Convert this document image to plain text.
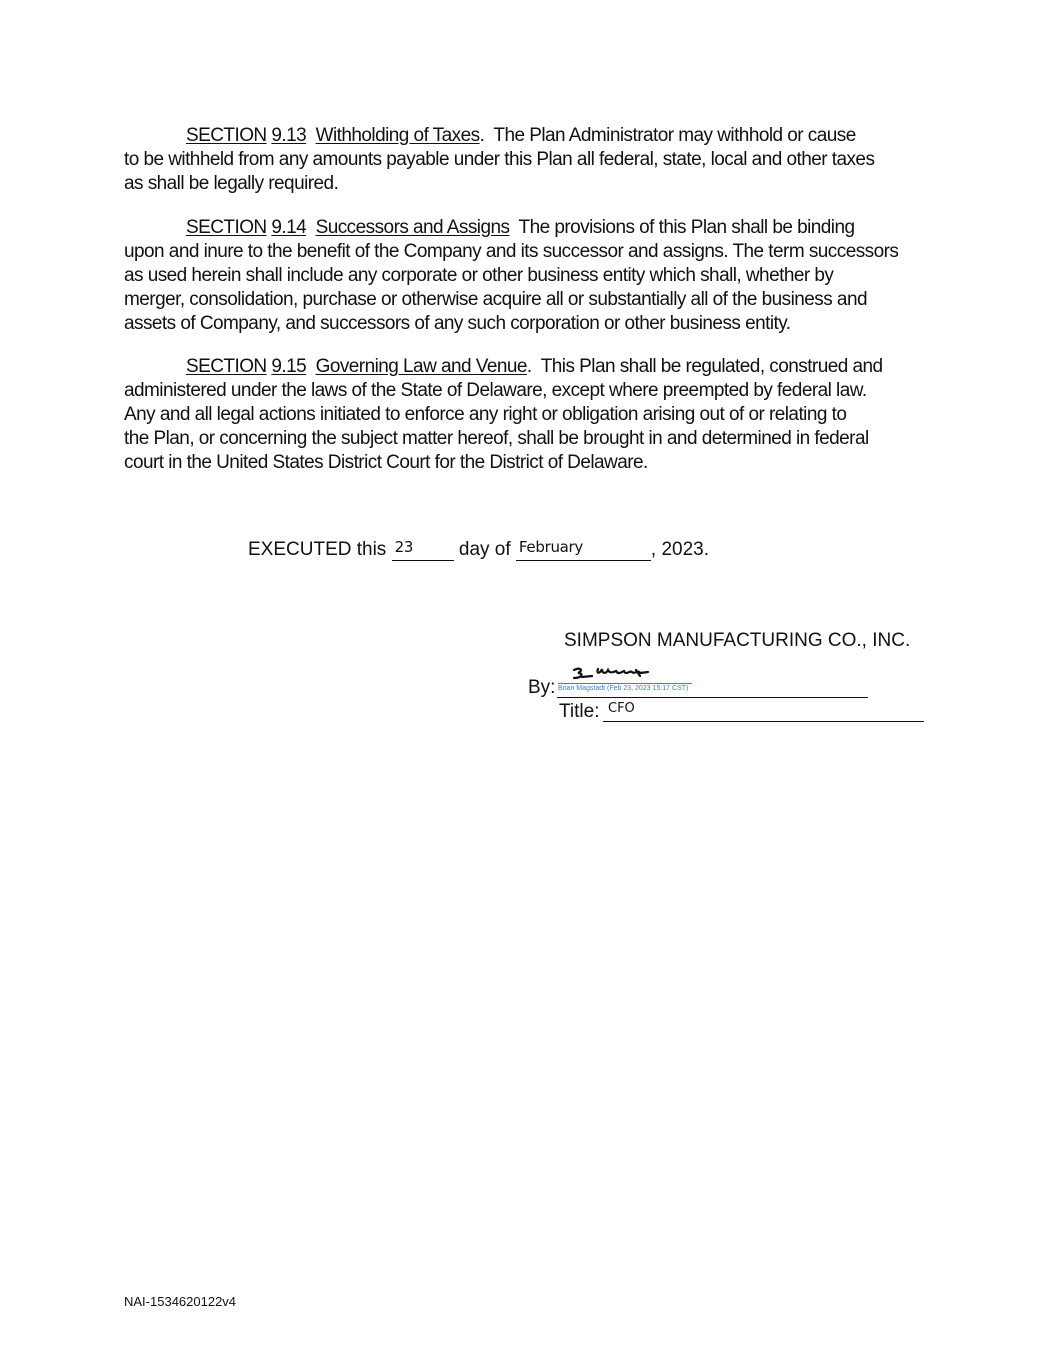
SECTION 9.13 Withholding of Taxes.  The Plan Administrator may withhold or cause
to be withheld from any amounts payable under this Plan all federal, state, local and other taxes
as shall be legally required.
SECTION 9.14 Successors and Assigns  The provisions of this Plan shall be binding
upon and inure to the benefit of the Company and its successor and assigns. The term successors
as used herein shall include any corporate or other business entity which shall, whether by
merger, consolidation, purchase or otherwise acquire all or substantially all of the business and
assets of Company, and successors of any such corporation or other business entity.
SECTION 9.15 Governing Law and Venue.  This Plan shall be regulated, construed and
administered under the laws of the State of Delaware, except where preempted by federal law.
Any and all legal actions initiated to enforce any right or obligation arising out of or relating to
the Plan, or concerning the subject matter hereof, shall be brought in and determined in federal
court in the United States District Court for the District of Delaware.
EXECUTED this 23 day of February	, 2023.
SIMPSON MANUFACTURING CO., INC.
By: Brian Magstadt (Feb 23, 2023 15:17 CST)
Title: CFO
NAI-1534620122v4
